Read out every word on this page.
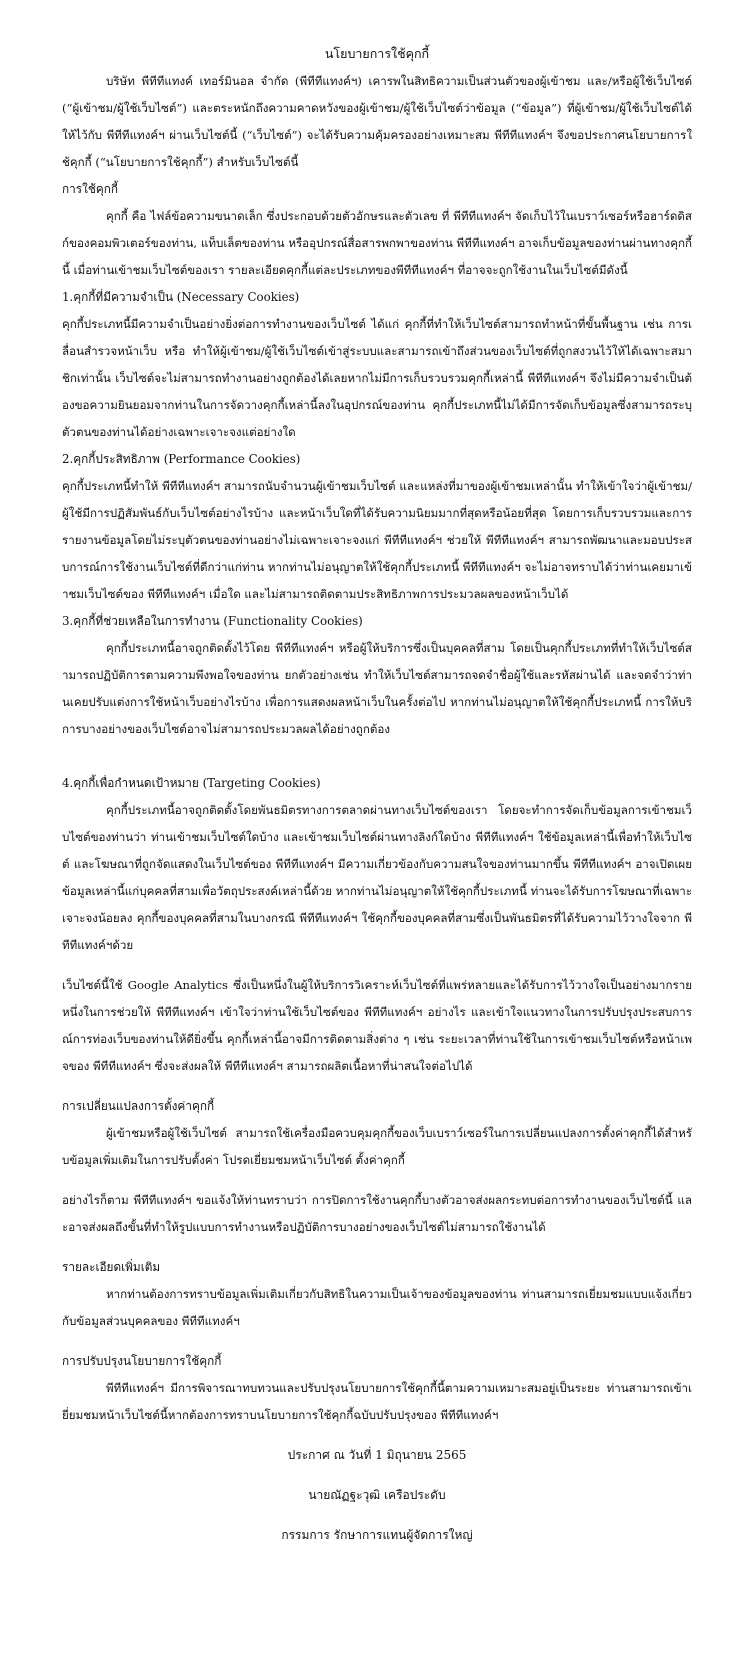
นโยบายการใช้คุกกี้

บริษัท พีทีทีแทงค์ เทอร์มินอล จำกัด (พีทีทีแทงค์ฯ) เคารพในสิทธิความเป็นส่วนตัวของผู้เข้าชม และ/หรือผู้ใช้เว็บไซต์ (“ผู้เข้าชม/ผู้ใช้เว็บไซต์”) และตระหนักถึงความคาดหวังของผู้เข้าชม/ผู้ใช้เว็บไซต์ว่าข้อมูล (“ข้อมูล”) ที่ผู้เข้าชม/ผู้ใช้เว็บไซต์ได้ให้ไว้กับ พีทีทีแทงค์ฯ ผ่านเว็บไซต์นี้ (“เว็บไซต์”) จะได้รับความคุ้มครองอย่างเหมาะสม พีทีทีแทงค์ฯ จึงขอประกาศนโยบายการใช้คุกกี้ (“นโยบายการใช้คุกกี้”) สำหรับเว็บไซต์นี้

การใช้คุกกี้

คุกกี้ คือ ไฟล์ข้อความขนาดเล็ก ซึ่งประกอบด้วยตัวอักษรและตัวเลข ที่ พีทีทีแทงค์ฯ จัดเก็บไว้ในเบราว์เซอร์หรือฮาร์ดดิสก์ของคอมพิวเตอร์ของท่าน, แท็บเล็ตของท่าน หรืออุปกรณ์สื่อสารพกพาของท่าน พีทีทีแทงค์ฯ อาจเก็บข้อมูลของท่านผ่านทางคุกกี้นี้ เมื่อท่านเข้าชมเว็บไซต์ของเรา รายละเอียดคุกกี้แต่ละประเภทของพีทีทีแทงค์ฯ ที่อาจจะถูกใช้งานในเว็บไซต์มีดังนี้

1.คุกกี้ที่มีความจำเป็น (Necessary Cookies)

คุกกี้ประเภทนี้มีความจำเป็นอย่างยิ่งต่อการทำงานของเว็บไซต์ ได้แก่ คุกกี้ที่ทำให้เว็บไซต์สามารถทำหน้าที่ขั้นพื้นฐาน เช่น การเลื่อนสำรวจหน้าเว็บ หรือ ทำให้ผู้เข้าชม/ผู้ใช้เว็บไซต์เข้าสู่ระบบและสามารถเข้าถึงส่วนของเว็บไซต์ที่ถูกสงวนไว้ให้ได้เฉพาะสมาชิกเท่านั้น เว็บไซต์จะไม่สามารถทำงานอย่างถูกต้องได้เลยหากไม่มีการเก็บรวบรวมคุกกี้เหล่านี้ พีทีทีแทงค์ฯ จึงไม่มีความจำเป็นต้องขอความยินยอมจากท่านในการจัดวางคุกกี้เหล่านี้ลงในอุปกรณ์ของท่าน คุกกี้ประเภทนี้ไม่ได้มีการจัดเก็บข้อมูลซึ่งสามารถระบุตัวตนของท่านได้อย่างเฉพาะเจาะจงแต่อย่างใด

2.คุกกี้ประสิทธิภาพ (Performance Cookies)

คุกกี้ประเภทนี้ทำให้ พีทีทีแทงค์ฯ สามารถนับจำนวนผู้เข้าชมเว็บไซต์ และแหล่งที่มาของผู้เข้าชมเหล่านั้น ทำให้เข้าใจว่าผู้เข้าชม/ผู้ใช้มีการปฏิสัมพันธ์กับเว็บไซต์อย่างไรบ้าง และหน้าเว็บใดที่ได้รับความนิยมมากที่สุดหรือน้อยที่สุด โดยการเก็บรวบรวมและการรายงานข้อมูลโดยไม่ระบุตัวตนของท่านอย่างไม่เฉพาะเจาะจงแก่ พีทีทีแทงค์ฯ ช่วยให้ พีทีทีแทงค์ฯ สามารถพัฒนาและมอบประสบการณ์การใช้งานเว็บไซต์ที่ดีกว่าแก่ท่าน หากท่านไม่อนุญาตให้ใช้คุกกี้ประเภทนี้ พีทีทีแทงค์ฯ จะไม่อาจทราบได้ว่าท่านเคยมาเข้าชมเว็บไซต์ของ พีทีทีแทงค์ฯ เมื่อใด และไม่สามารถติดตามประสิทธิภาพการประมวลผลของหน้าเว็บได้

3.คุกกี้ที่ช่วยเหลือในการทำงาน (Functionality Cookies)

คุกกี้ประเภทนี้อาจถูกติดตั้งไว้โดย พีทีทีแทงค์ฯ หรือผู้ให้บริการซึ่งเป็นบุคคลที่สาม โดยเป็นคุกกี้ประเภทที่ทำให้เว็บไซต์สามารถปฏิบัติการตามความพึงพอใจของท่าน ยกตัวอย่างเช่น ทำให้เว็บไซต์สามารถจดจำชื่อผู้ใช้และรหัสผ่านได้ และจดจำว่าท่านเคยปรับแต่งการใช้หน้าเว็บอย่างไรบ้าง เพื่อการแสดงผลหน้าเว็บในครั้งต่อไป หากท่านไม่อนุญาตให้ใช้คุกกี้ประเภทนี้ การให้บริการบางอย่างของเว็บไซต์อาจไม่สามารถประมวลผลได้อย่างถูกต้อง

4.คุกกี้เพื่อกำหนดเป้าหมาย (Targeting Cookies)

คุกกี้ประเภทนี้อาจถูกติดตั้งโดยพันธมิตรทางการตลาดผ่านทางเว็บไซต์ของเรา โดยจะทำการจัดเก็บข้อมูลการเข้าชมเว็บไซต์ของท่านว่า ท่านเข้าชมเว็บไซต์ใดบ้าง และเข้าชมเว็บไซต์ผ่านทางลิงก์ใดบ้าง พีทีทีแทงค์ฯ ใช้ข้อมูลเหล่านี้เพื่อทำให้เว็บไซต์ และโฆษณาที่ถูกจัดแสดงในเว็บไซต์ของ พีทีทีแทงค์ฯ มีความเกี่ยวข้องกับความสนใจของท่านมากขึ้น พีทีทีแทงค์ฯ อาจเปิดเผยข้อมูลเหล่านี้แก่บุคคลที่สามเพื่อวัตถุประสงค์เหล่านี้ด้วย หากท่านไม่อนุญาตให้ใช้คุกกี้ประเภทนี้ ท่านจะได้รับการโฆษณาที่เฉพาะเจาะจงน้อยลง คุกกี้ของบุคคลที่สามในบางกรณี พีทีทีแทงค์ฯ ใช้คุกกี้ของบุคคลที่สามซึ่งเป็นพันธมิตรที่ได้รับความไว้วางใจจาก พีทีทีแทงค์ฯด้วย

เว็บไซต์นี้ใช้ Google Analytics ซึ่งเป็นหนึ่งในผู้ให้บริการวิเคราะห์เว็บไซต์ที่แพร่หลายและได้รับการไว้วางใจเป็นอย่างมากรายหนึ่งในการช่วยให้ พีทีทีแทงค์ฯ เข้าใจว่าท่านใช้เว็บไซต์ของ พีทีทีแทงค์ฯ อย่างไร และเข้าใจแนวทางในการปรับปรุงประสบการณ์การท่องเว็บของท่านให้ดียิ่งขึ้น คุกกี้เหล่านี้อาจมีการติดตามสิ่งต่าง ๆ เช่น ระยะเวลาที่ท่านใช้ในการเข้าชมเว็บไซต์หรือหน้าเพจของ พีทีทีแทงค์ฯ ซึ่งจะส่งผลให้ พีทีทีแทงค์ฯ สามารถผลิตเนื้อหาที่น่าสนใจต่อไปได้

การเปลี่ยนแปลงการตั้งค่าคุกกี้

ผู้เข้าชมหรือผู้ใช้เว็บไซต์ สามารถใช้เครื่องมือควบคุมคุกกี้ของเว็บเบราว์เซอร์ในการเปลี่ยนแปลงการตั้งค่าคุกกี้ได้สำหรับข้อมูลเพิ่มเติมในการปรับตั้งค่า โปรดเยี่ยมชมหน้าเว็บไซต์ ตั้งค่าคุกกี้

อย่างไรก็ตาม พีทีทีแทงค์ฯ ขอแจ้งให้ท่านทราบว่า การปิดการใช้งานคุกกี้บางตัวอาจส่งผลกระทบต่อการทำงานของเว็บไซต์นี้ และอาจส่งผลถึงขั้นที่ทำให้รูปแบบการทำงานหรือปฏิบัติการบางอย่างของเว็บไซต์ไม่สามารถใช้งานได้

รายละเอียดเพิ่มเติม

หากท่านต้องการทราบข้อมูลเพิ่มเติมเกี่ยวกับสิทธิในความเป็นเจ้าของข้อมูลของท่าน ท่านสามารถเยี่ยมชมแบบแจ้งเกี่ยวกับข้อมูลส่วนบุคคลของ พีทีทีแทงค์ฯ

การปรับปรุงนโยบายการใช้คุกกี้

พีทีทีแทงค์ฯ มีการพิจารณาทบทวนและปรับปรุงนโยบายการใช้คุกกี้นี้ตามความเหมาะสมอยู่เป็นระยะ ท่านสามารถเข้าเยี่ยมชมหน้าเว็บไซต์นี้หากต้องการทราบนโยบายการใช้คุกกี้ฉบับปรับปรุงของ พีทีทีแทงค์ฯ

ประกาศ ณ วันที่ 1 มิถุนายน 2565

นายณัฏฐะวุฒิ เครือประดับ

กรรมการ รักษาการแทนผู้จัดการใหญ่
